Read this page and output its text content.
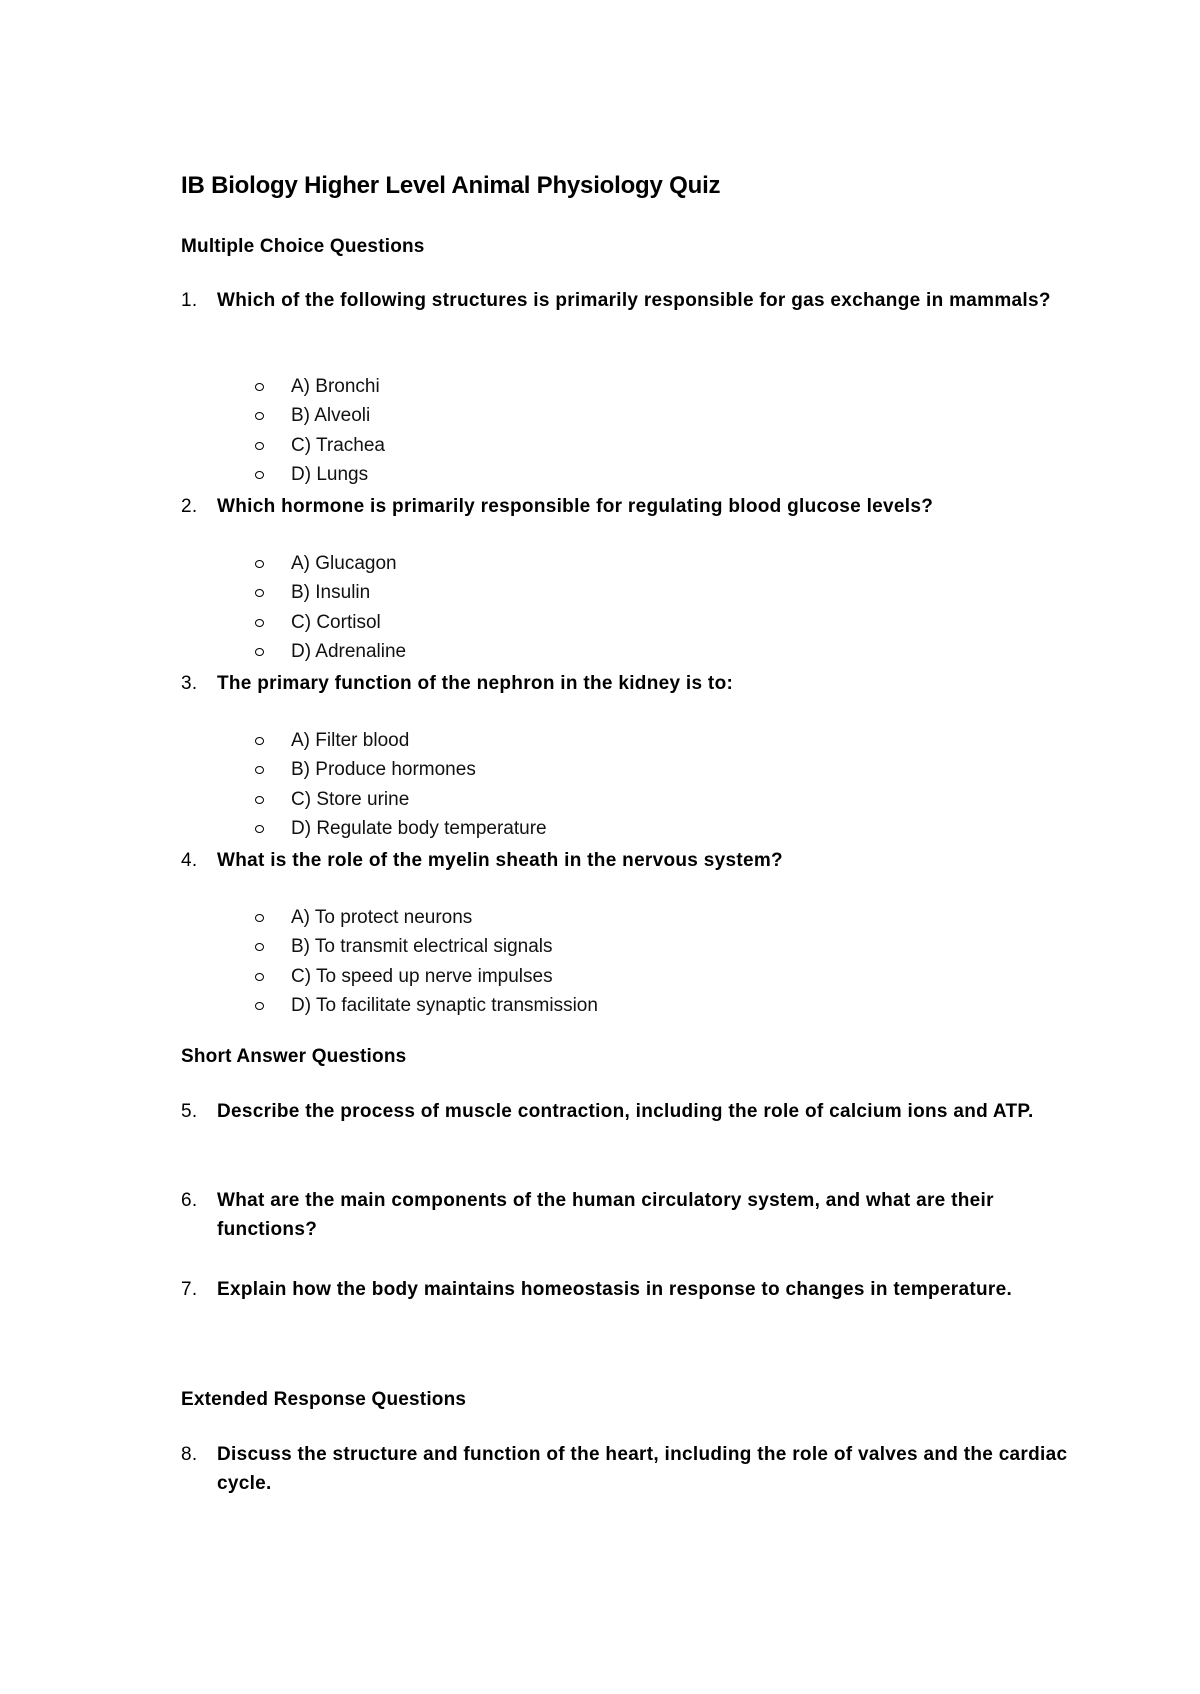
IB Biology Higher Level Animal Physiology Quiz
Multiple Choice Questions
1. Which of the following structures is primarily responsible for gas exchange in mammals?
A) Bronchi
B) Alveoli
C) Trachea
D) Lungs
2. Which hormone is primarily responsible for regulating blood glucose levels?
A) Glucagon
B) Insulin
C) Cortisol
D) Adrenaline
3. The primary function of the nephron in the kidney is to:
A) Filter blood
B) Produce hormones
C) Store urine
D) Regulate body temperature
4. What is the role of the myelin sheath in the nervous system?
A) To protect neurons
B) To transmit electrical signals
C) To speed up nerve impulses
D) To facilitate synaptic transmission
Short Answer Questions
5. Describe the process of muscle contraction, including the role of calcium ions and ATP.
6. What are the main components of the human circulatory system, and what are their functions?
7. Explain how the body maintains homeostasis in response to changes in temperature.
Extended Response Questions
8. Discuss the structure and function of the heart, including the role of valves and the cardiac cycle.
